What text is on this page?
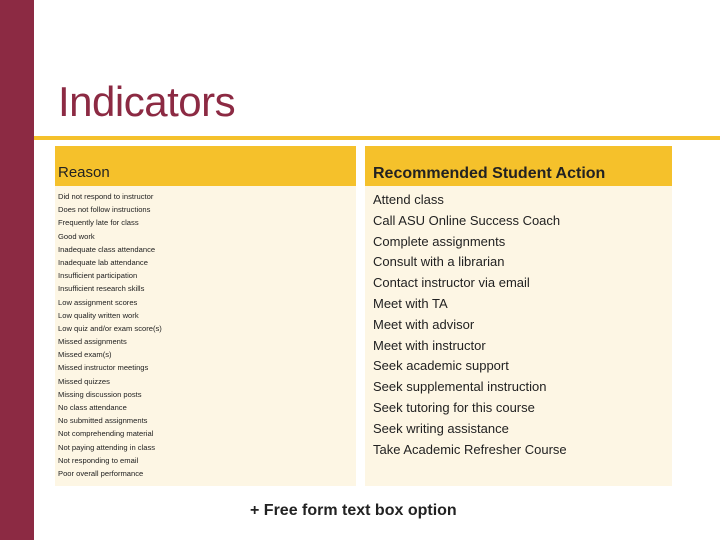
Indicators
Reason	Recommended Student Action
Did not respond to instructor
Does not follow instructions
Frequently late for class
Good work
Inadequate class attendance
Inadequate lab attendance
Insufficient participation
Insufficient research skills
Low assignment scores
Low quality written work
Low quiz and/or exam score(s)
Missed assignments
Missed exam(s)
Missed instructor meetings
Missed quizzes
Missing discussion posts
No class attendance
No submitted assignments
Not comprehending material
Not paying attending in class
Not responding to email
Poor overall performance
Attend class
Call ASU Online Success Coach
Complete assignments
Consult with a librarian
Contact instructor via email
Meet with TA
Meet with advisor
Meet with instructor
Seek academic support
Seek supplemental instruction
Seek tutoring for this course
Seek writing assistance
Take Academic Refresher Course
+ Free form text box option
